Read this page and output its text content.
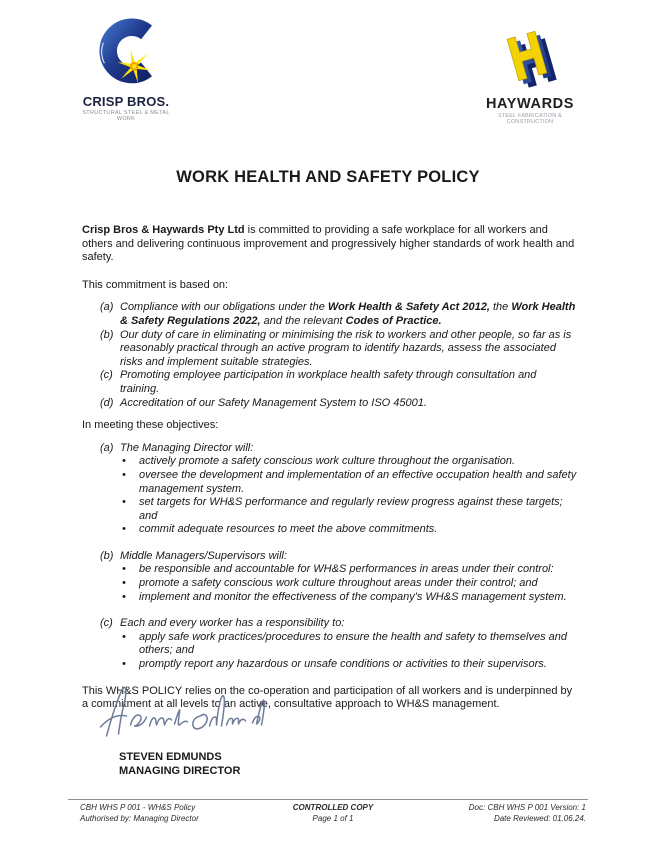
CRISP BROS.
STRUCTURAL STEEL & METAL WORK
HAYWARDS
STEEL FABRICATION & CONSTRUCTION
WORK HEALTH AND SAFETY POLICY

Crisp Bros & Haywards Pty Ltd is committed to providing a safe workplace for all workers and others and delivering continuous improvement and progressively higher standards of work health and safety.

This commitment is based on:

(a) Compliance with our obligations under the Work Health & Safety Act 2012, the Work Health & Safety Regulations 2022, and the relevant Codes of Practice.
(b) Our duty of care in eliminating or minimising the risk to workers and other people, so far as is reasonably practical through an active program to identify hazards, assess the associated risks and implement suitable strategies.
(c) Promoting employee participation in workplace health safety through consultation and training.
(d) Accreditation of our Safety Management System to ISO 45001.

In meeting these objectives:

(a) The Managing Director will:
•
actively promote a safety conscious work culture throughout the organisation.
•
oversee the development and implementation of an effective occupation health and safety management system.
•
set targets for WH&S performance and regularly review progress against these targets; and
•
commit adequate resources to meet the above commitments.
(b) Middle Managers/Supervisors will:
•
be responsible and accountable for WH&S performances in areas under their control:
•
promote a safety conscious work culture throughout areas under their control; and
•
implement and monitor the effectiveness of the company's WH&S management system.
(c) Each and every worker has a responsibility to:
•
apply safe work practices/procedures to ensure the health and safety to themselves and others; and
•
promptly report any hazardous or unsafe conditions or activities to their supervisors.

This WH&S POLICY relies on the co-operation and participation of all workers and is underpinned by a commitment at all levels to an active, consultative approach to WH&S management.

STEVEN EDMUNDS
MANAGING DIRECTOR
CBH WHS P 001 - WH&S Policy
Authorised by: Managing Director
CONTROLLED COPY
Page 1 of 1
Doc: CBH WHS P 001 Version: 1
Date Reviewed: 01.06.24.
